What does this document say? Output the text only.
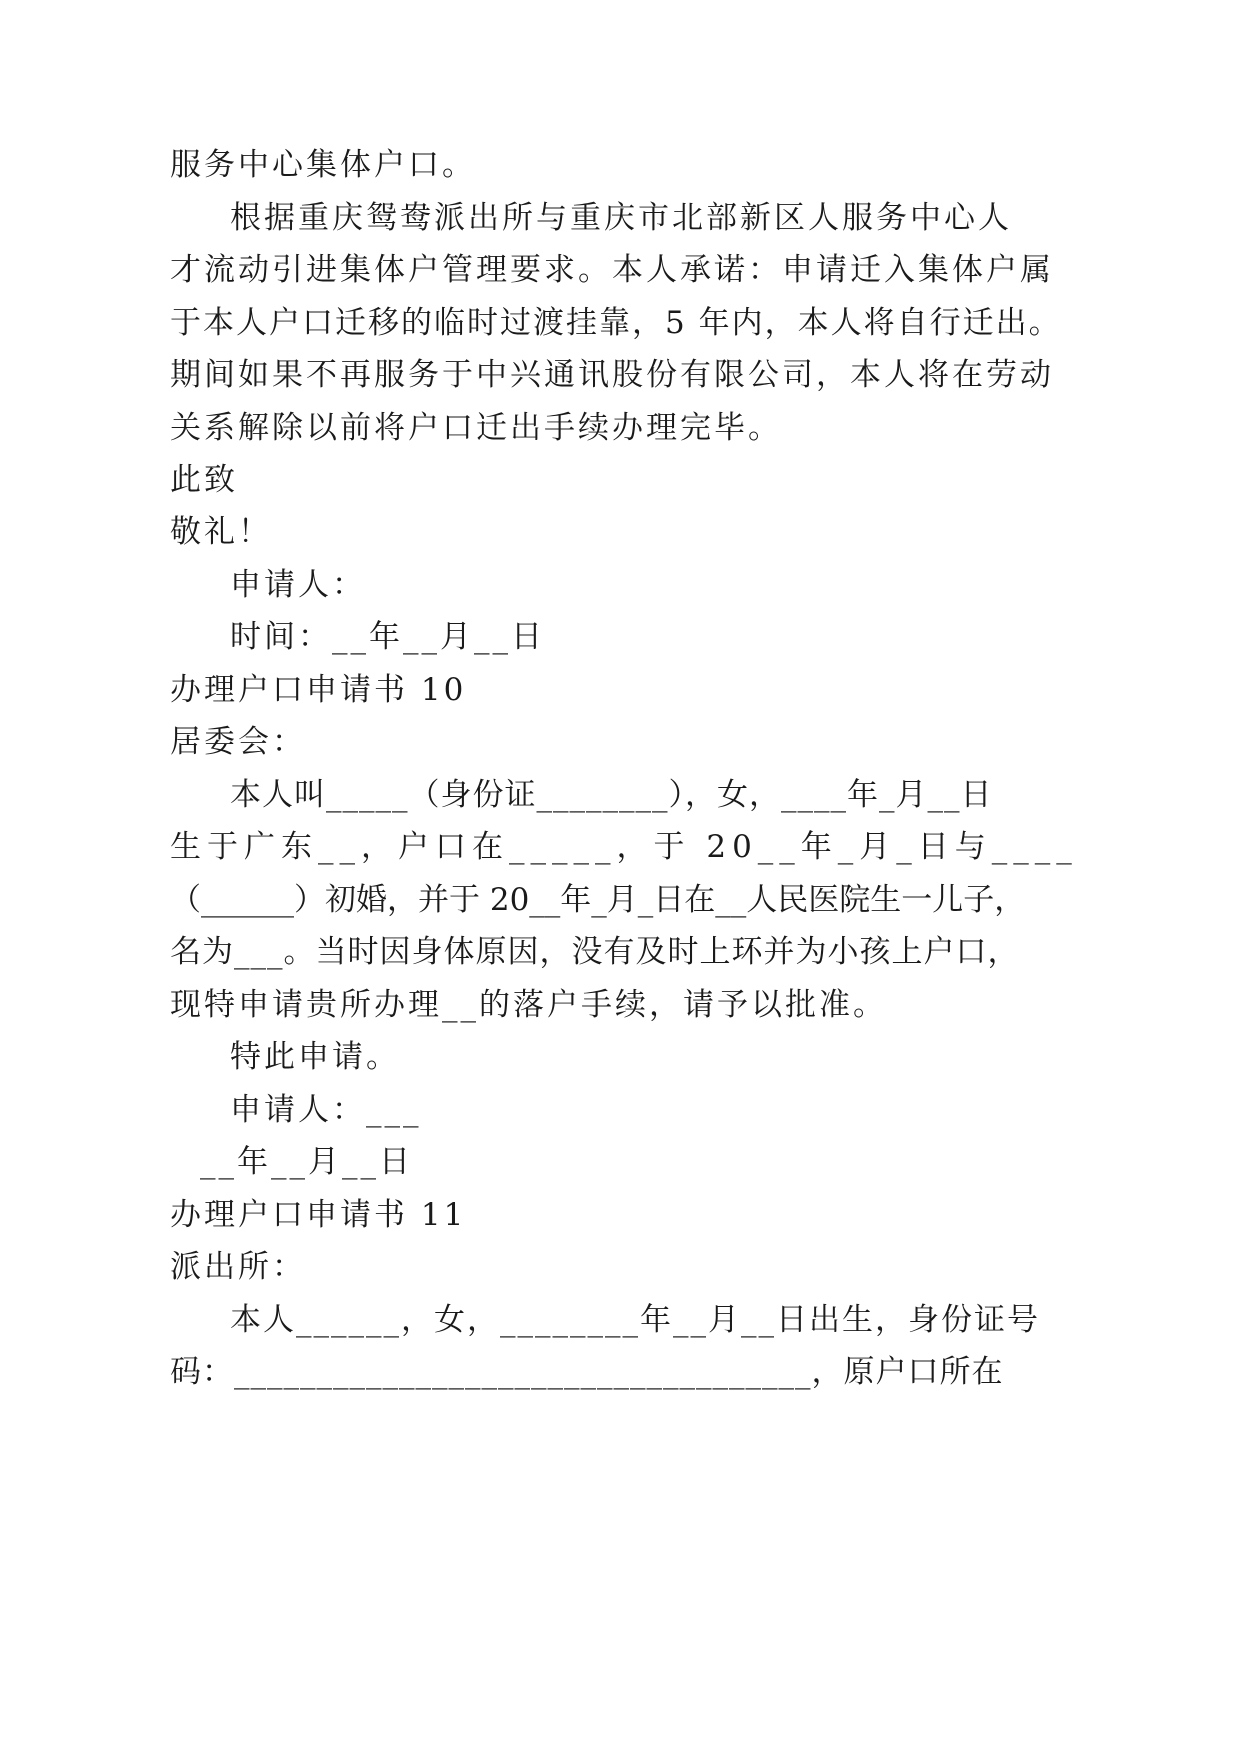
服务中心集体户口。
根据重庆鸳鸯派出所与重庆市北部新区人服务中心人
才流动引进集体户管理要求。本人承诺：申请迁入集体户属
于本人户口迁移的临时过渡挂靠，5 年内，本人将自行迁出。
期间如果不再服务于中兴通讯股份有限公司，本人将在劳动
关系解除以前将户口迁出手续办理完毕。
此致
敬礼！
申请人：
时间：__年__月__日
办理户口申请书 10
居委会：
本人叫_____（身份证________），女，____年_月__日
生于广东__，户口在_____，于 20__年_月_日与____
（______）初婚，并于 20__年_月_日在__人民医院生一儿子，
名为___。当时因身体原因，没有及时上环并为小孩上户口，
现特申请贵所办理__的落户手续，请予以批准。
特此申请。
申请人：___
__年__月__日
办理户口申请书 11
派出所：
本人______，女，________年__月__日出生，身份证号
码：___________________________________，原户口所在
